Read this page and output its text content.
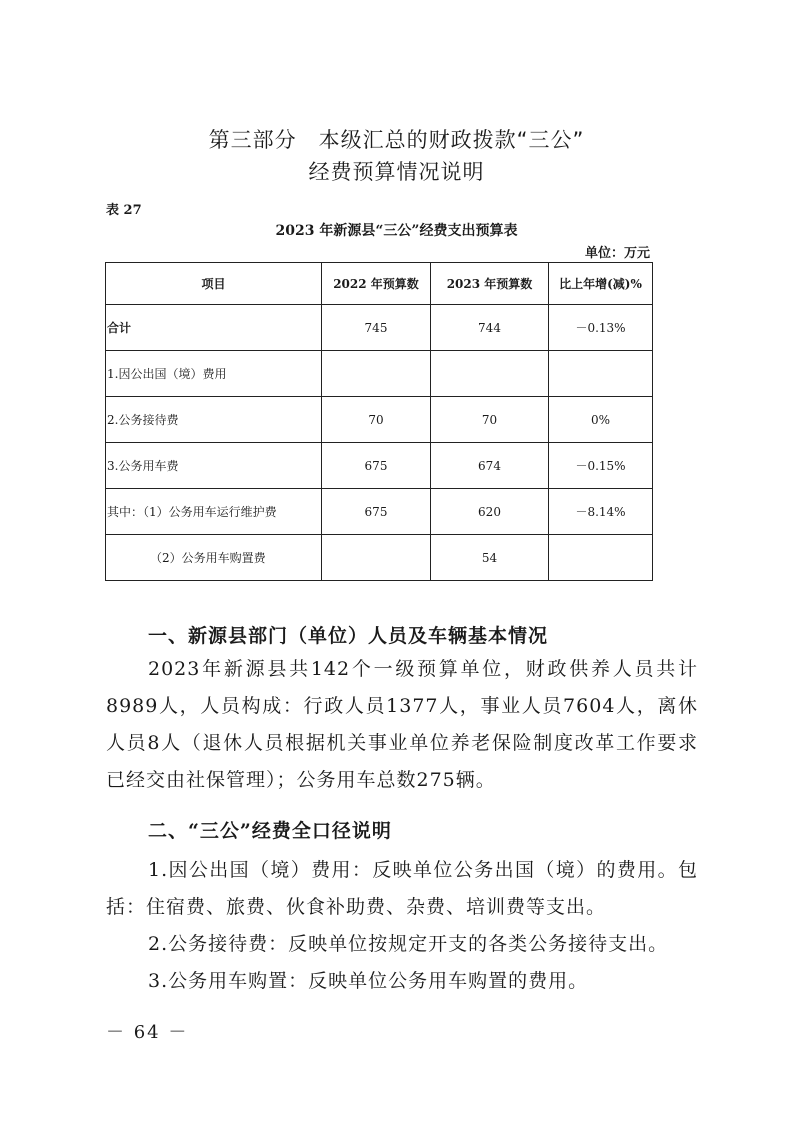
第三部分　本级汇总的财政拨款“三公”
经费预算情况说明
表 27
2023 年新源县“三公”经费支出预算表
单位：万元
项目	2022 年预算数	2023 年预算数	比上年增(减)%
合计	745	744	－0.13%
1.因公出国（境）费用			
2.公务接待费	70	70	0%
3.公务用车费	675	674	－0.15%
其中：（1）公务用车运行维护费	675	620	－8.14%
（2）公务用车购置费		54	
一、新源县部门（单位）人员及车辆基本情况
2023年新源县共142个一级预算单位，财政供养人员共计8989人，人员构成：行政人员1377人，事业人员7604人，离休人员8人（退休人员根据机关事业单位养老保险制度改革工作要求已经交由社保管理）；公务用车总数275辆。
二、“三公”经费全口径说明
1.因公出国（境）费用：反映单位公务出国（境）的费用。包括：住宿费、旅费、伙食补助费、杂费、培训费等支出。
2.公务接待费：反映单位按规定开支的各类公务接待支出。
3.公务用车购置：反映单位公务用车购置的费用。
－ 64 －
